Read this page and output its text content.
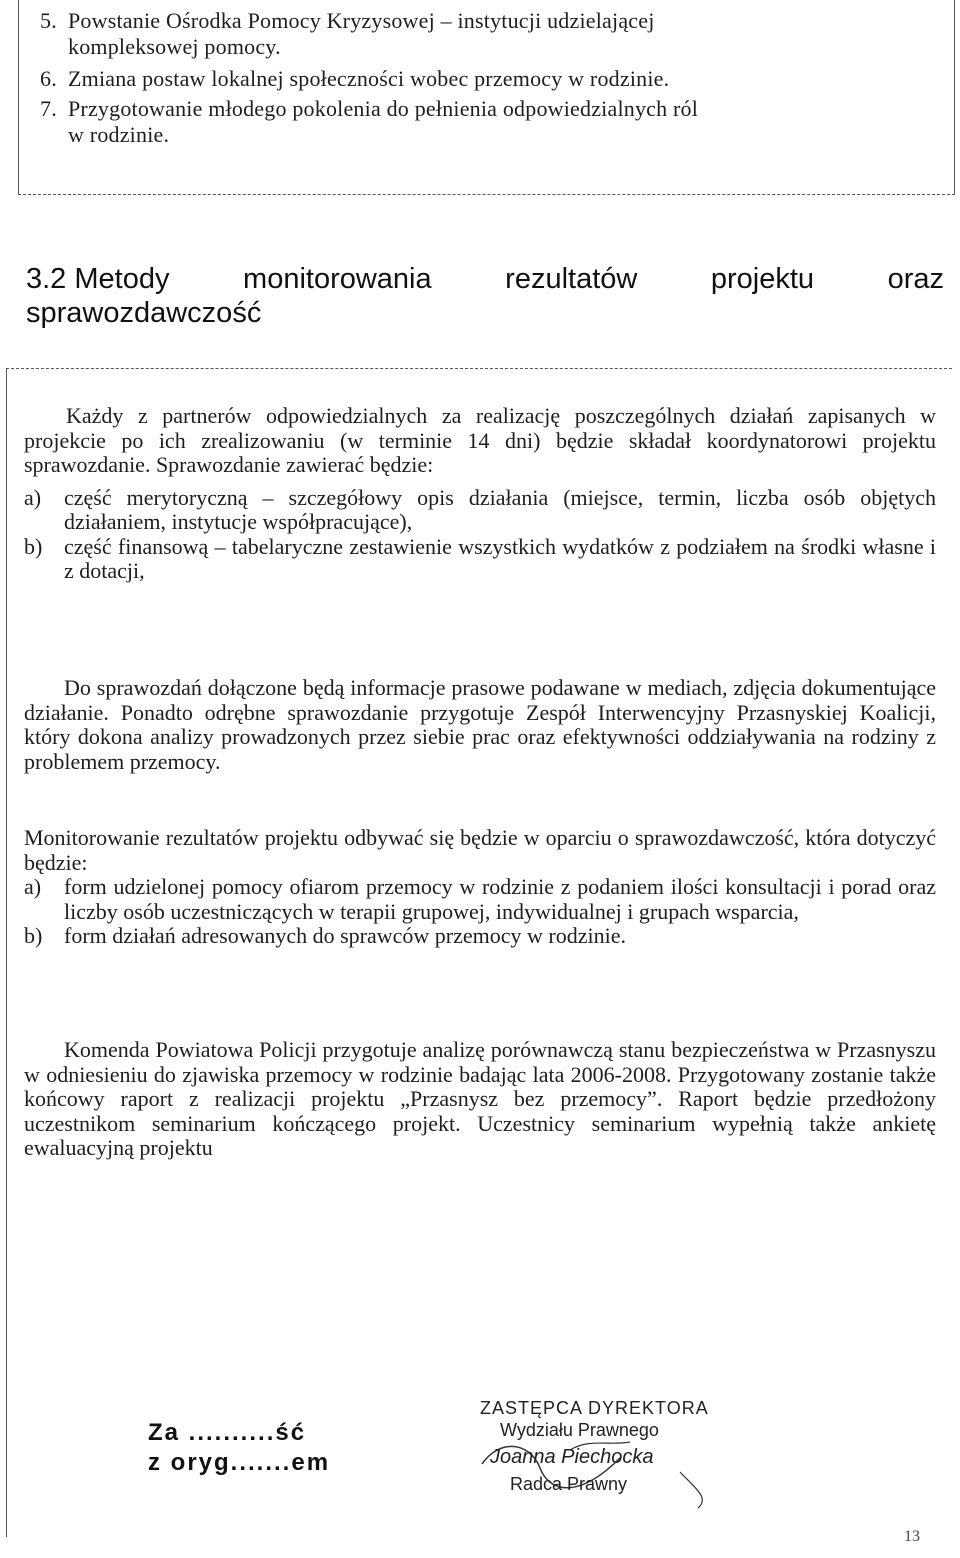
5. Powstanie Ośrodka Pomocy Kryzysowej – instytucji udzielającej
kompleksowej pomocy.
6. Zmiana postaw lokalnej społeczności wobec przemocy w rodzinie.
7. Przygotowanie młodego pokolenia do pełnienia odpowiedzialnych ról
w rodzinie.
3.2 Metody	monitorowania	rezultatów	projektu	oraz
sprawozdawczość

Każdy z partnerów odpowiedzialnych za realizację poszczególnych działań zapisanych w projekcie po ich zrealizowaniu (w terminie 14 dni) będzie składał koordynatorowi projektu sprawozdanie. Sprawozdanie zawierać będzie:

a) część merytoryczną – szczegółowy opis działania (miejsce, termin, liczba osób objętych działaniem, instytucje współpracujące),
b) część finansową – tabelaryczne zestawienie wszystkich wydatków z podziałem na środki własne i z dotacji,

Do sprawozdań dołączone będą informacje prasowe podawane w mediach, zdjęcia dokumentujące działanie. Ponadto odrębne sprawozdanie przygotuje Zespół Interwencyjny Przasnyskiej Koalicji, który dokona analizy prowadzonych przez siebie prac oraz efektywności oddziaływania na rodziny z problemem przemocy.

Monitorowanie rezultatów projektu odbywać się będzie w oparciu o sprawozdawczość, która dotyczyć będzie:

a) form udzielonej pomocy ofiarom przemocy w rodzinie z podaniem ilości konsultacji i porad oraz liczby osób uczestniczących w terapii grupowej, indywidualnej i grupach wsparcia,
b) form działań adresowanych do sprawców przemocy w rodzinie.

Komenda Powiatowa Policji przygotuje analizę porównawczą stanu bezpieczeństwa w Przasnyszu w odniesieniu do zjawiska przemocy w rodzinie badając lata 2006-2008. Przygotowany zostanie także końcowy raport z realizacji projektu „Przasnysz bez przemocy”. Raport będzie przedłożony uczestnikom seminarium kończącego projekt. Uczestnicy seminarium wypełnią także ankietę ewaluacyjną projektu

Za ..........ść
z oryg.......em
ZASTĘPCA DYREKTORA
Wydziału Prawnego
Joanna Piechocka
Radca Prawny
13
